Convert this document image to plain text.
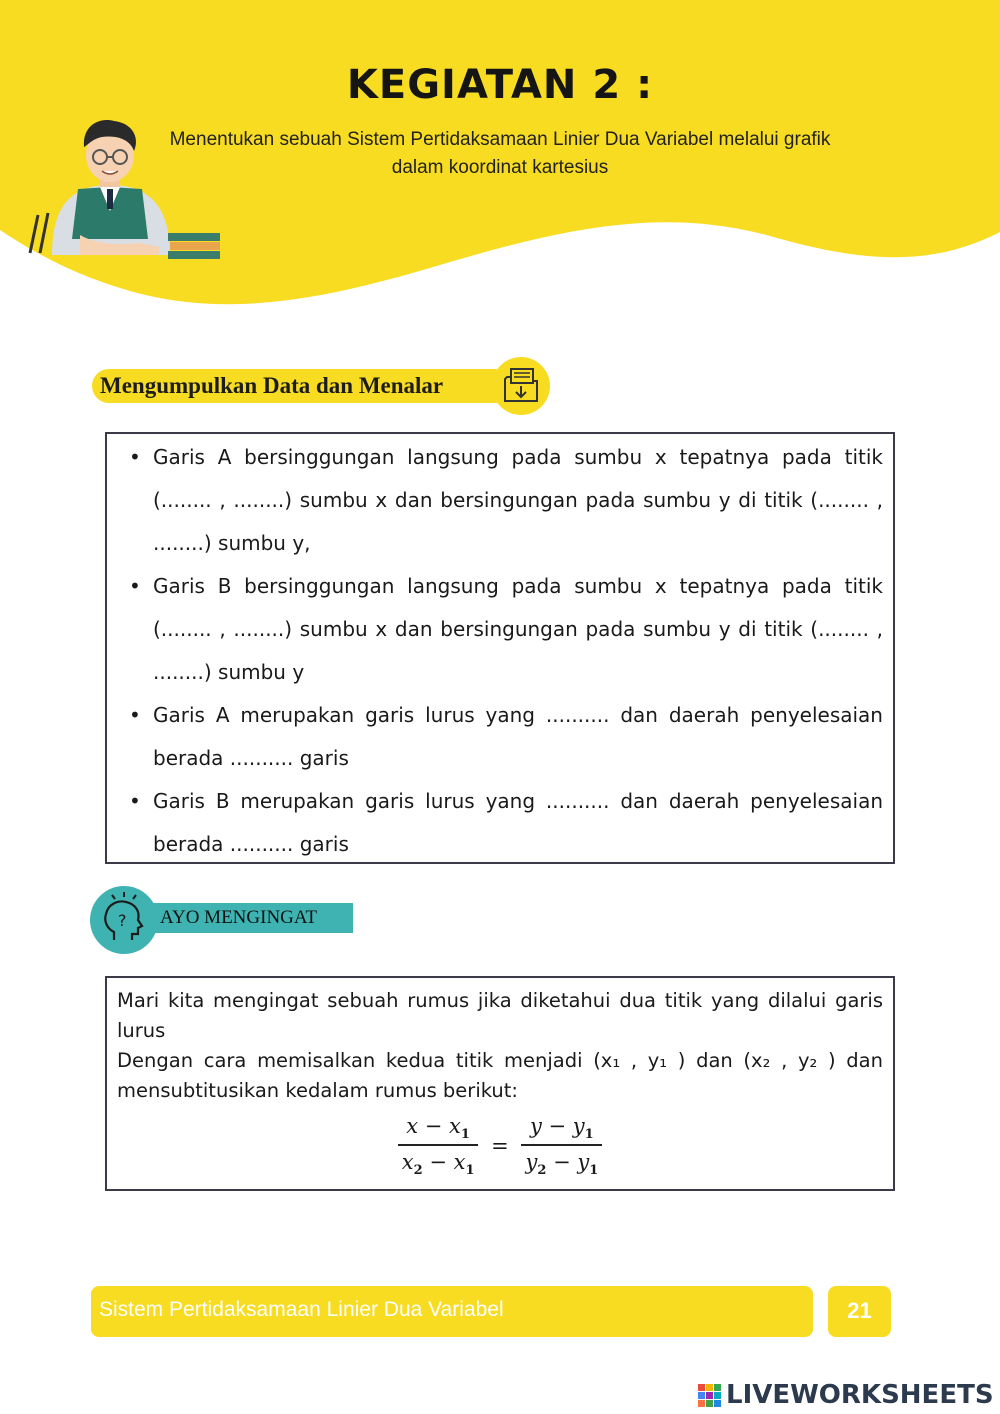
KEGIATAN 2 :
Menentukan sebuah Sistem Pertidaksamaan Linier Dua Variabel melalui grafik dalam koordinat kartesius
Mengumpulkan Data dan Menalar
• Garis A bersinggungan langsung pada sumbu x tepatnya pada titik (........ , ........) sumbu x dan bersingungan pada sumbu y di titik (........ , ........) sumbu y,
• Garis B bersinggungan langsung pada sumbu x tepatnya pada titik (........ , ........) sumbu x dan bersingungan pada sumbu y di titik (........ , ........) sumbu y
• Garis A merupakan garis lurus yang .......... dan daerah penyelesaian berada .......... garis
• Garis B merupakan garis lurus yang .......... dan daerah penyelesaian berada .......... garis
AYO MENGINGAT
?
Mari kita mengingat sebuah rumus jika diketahui dua titik yang dilalui garis lurus
Dengan cara memisalkan kedua titik menjadi (x₁ , y₁ ) dan (x₂ , y₂ ) dan mensubtitusikan kedalam rumus berikut:
$\frac{x - x_1}{x_2 - x_1} = \frac{y - y_1}{y_2 - y_1}$
Sistem Pertidaksamaan Linier Dua Variabel	21
LIVEWORKSHEETS
